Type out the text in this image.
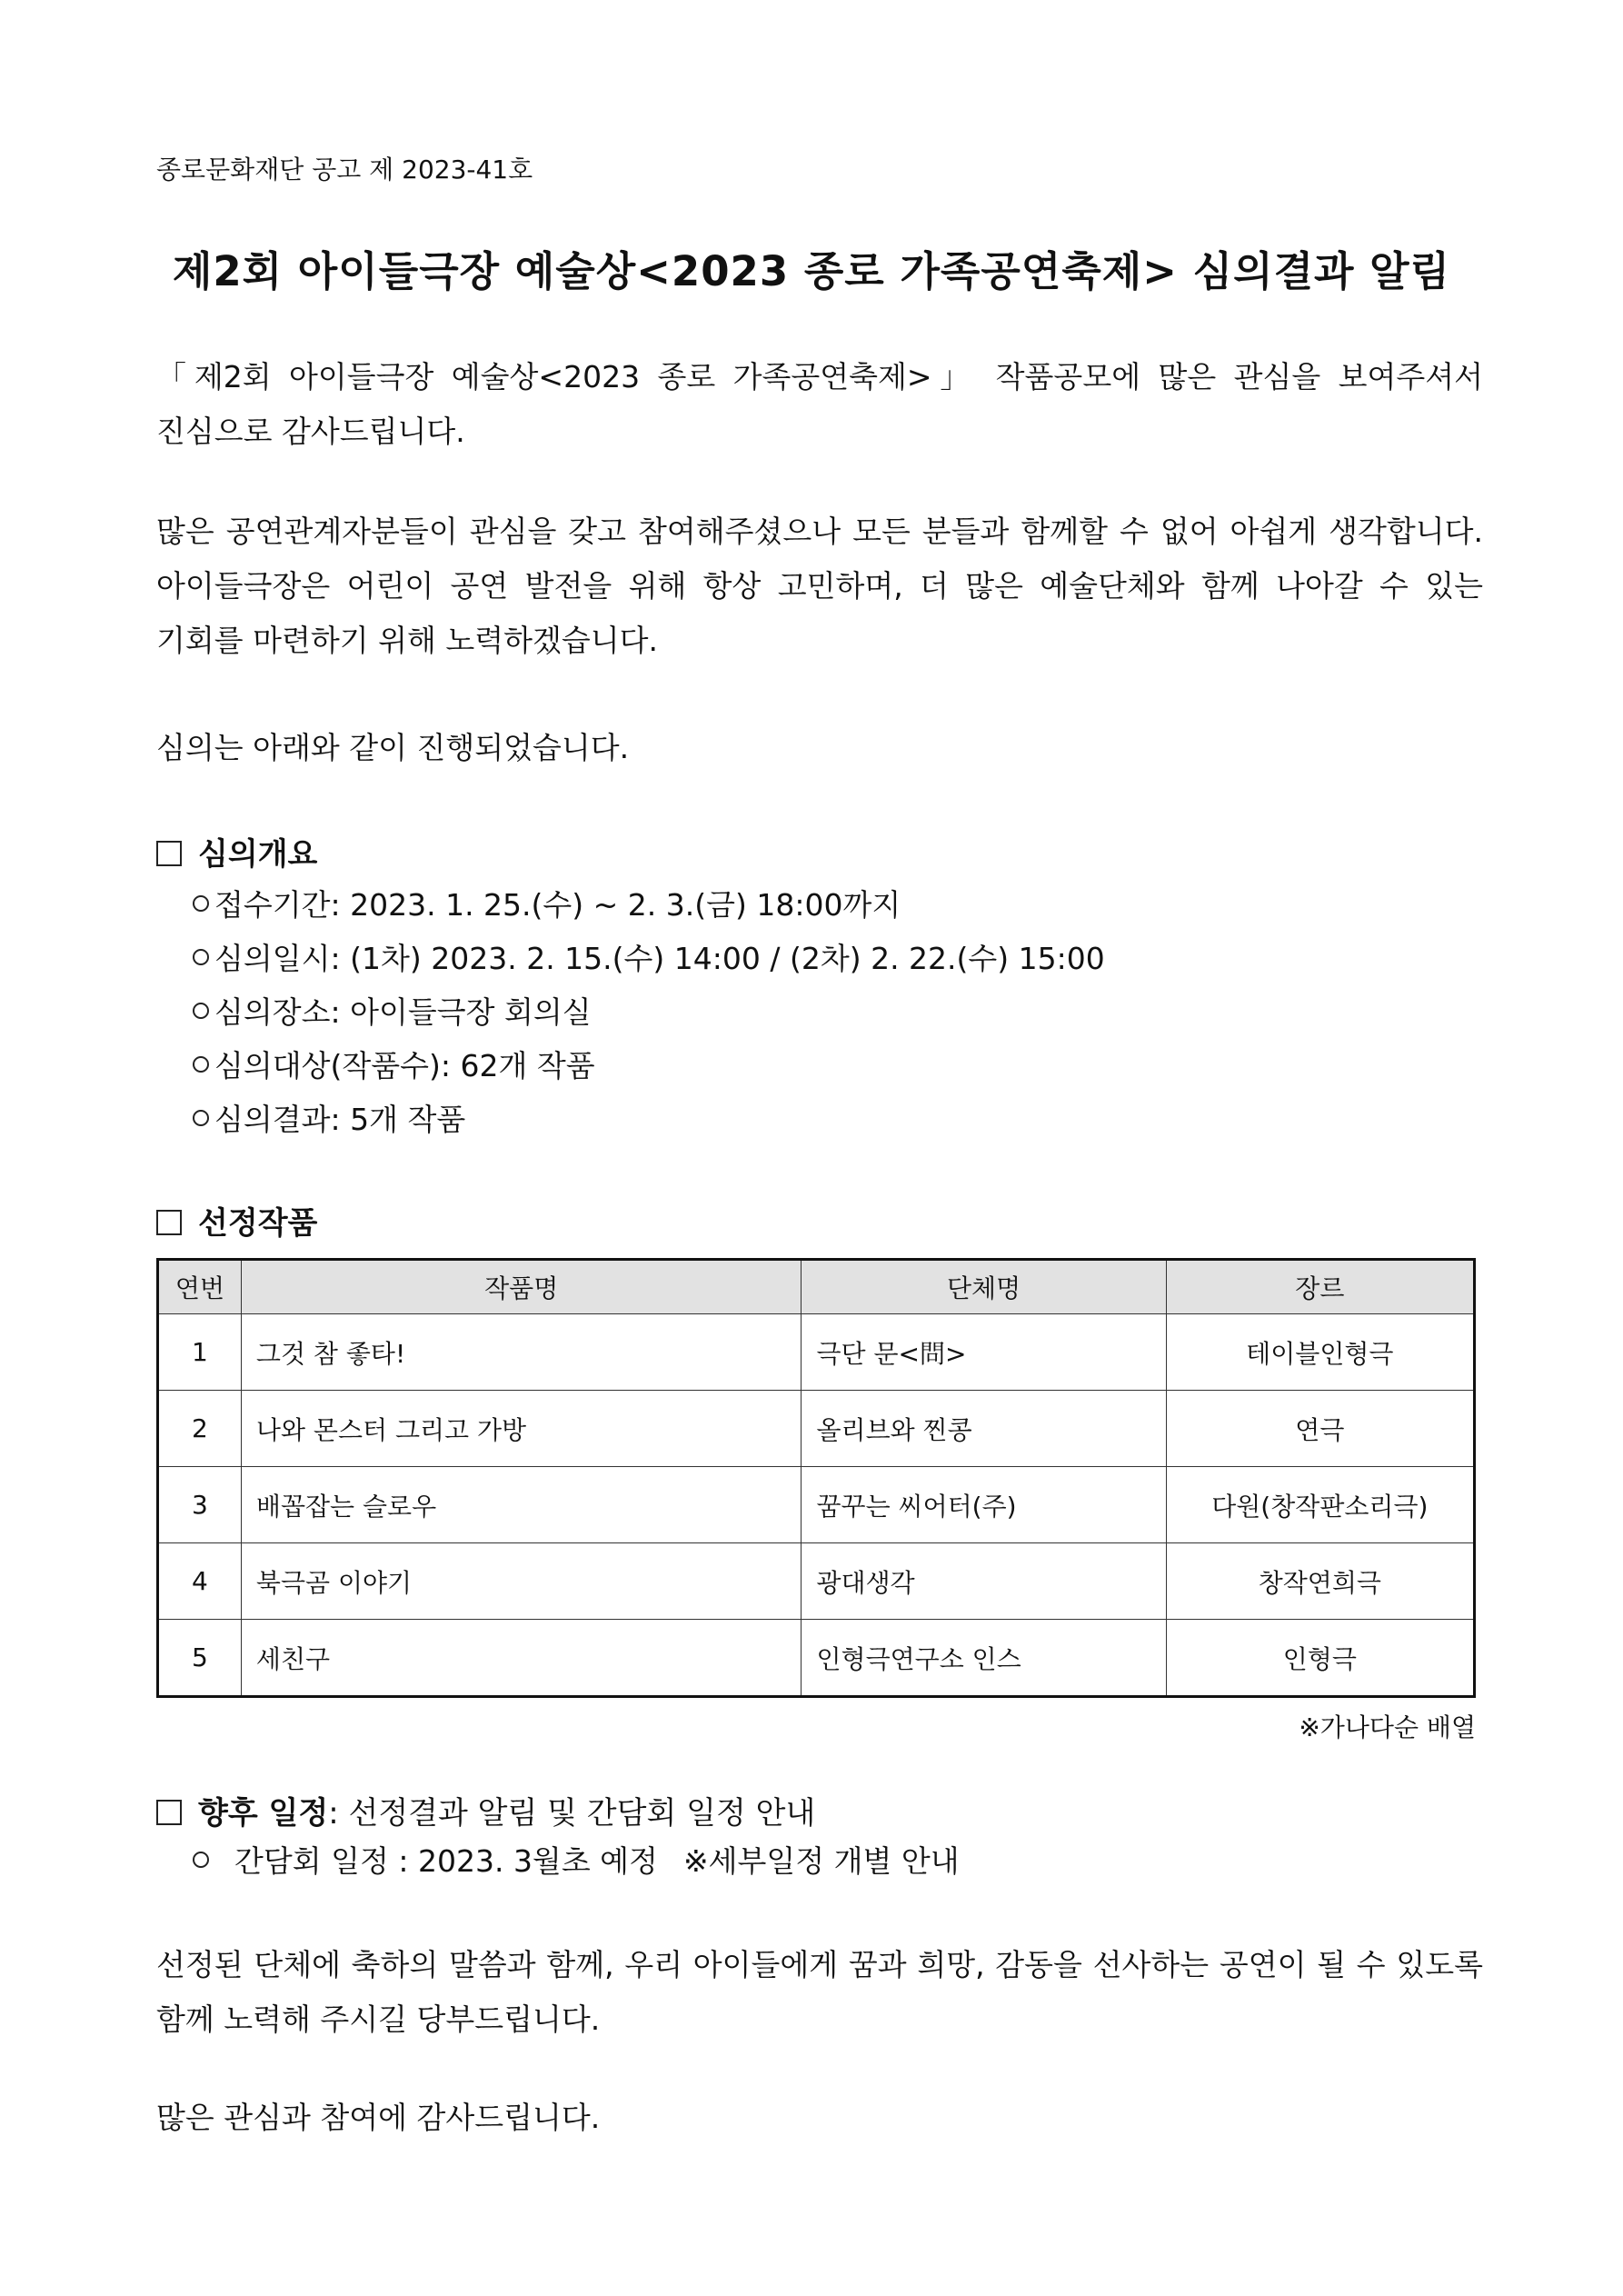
종로문화재단 공고 제 2023-41호
제2회 아이들극장 예술상<2023 종로 가족공연축제> 심의결과 알림
「제2회 아이들극장 예술상<2023 종로 가족공연축제>」 작품공모에 많은 관심을 보여주셔서 진심으로 감사드립니다.
많은 공연관계자분들이 관심을 갖고 참여해주셨으나 모든 분들과 함께할 수 없어 아쉽게 생각합니다. 아이들극장은 어린이 공연 발전을 위해 항상 고민하며, 더 많은 예술단체와 함께 나아갈 수 있는 기회를 마련하기 위해 노력하겠습니다.
심의는 아래와 같이 진행되었습니다.
심의개요
접수기간: 2023. 1. 25.(수) ~ 2. 3.(금) 18:00까지
심의일시: (1차) 2023. 2. 15.(수) 14:00 / (2차) 2. 22.(수) 15:00
심의장소: 아이들극장 회의실
심의대상(작품수): 62개 작품
심의결과: 5개 작품
선정작품
연번	작품명	단체명	장르
1	그것 참 좋타!	극단 문<問>	테이블인형극
2	나와 몬스터 그리고 가방	올리브와 찐콩	연극
3	배꼽잡는 슬로우	꿈꾸는 씨어터(주)	다원(창작판소리극)
4	북극곰 이야기	광대생각	창작연희극
5	세친구	인형극연구소 인스	인형극
※가나다순 배열
향후 일정: 선정결과 알림 및 간담회 일정 안내
간담회 일정 : 2023. 3월초 예정 ※세부일정 개별 안내
선정된 단체에 축하의 말씀과 함께, 우리 아이들에게 꿈과 희망, 감동을 선사하는 공연이 될 수 있도록 함께 노력해 주시길 당부드립니다.
많은 관심과 참여에 감사드립니다.
